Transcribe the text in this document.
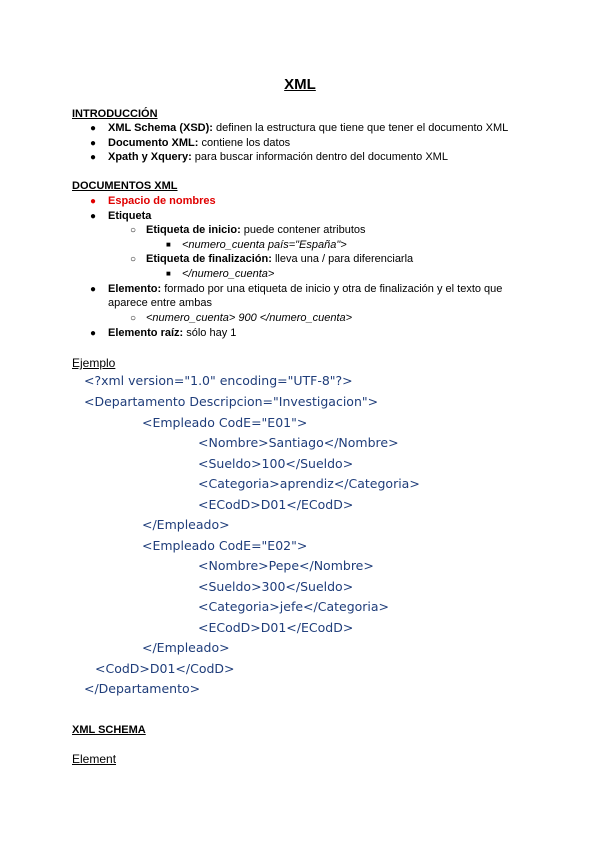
XML
INTRODUCCIÓN
● XML Schema (XSD): definen la estructura que tiene que tener el documento XML
● Documento XML: contiene los datos
● Xpath y Xquery: para buscar información dentro del documento XML
DOCUMENTOS XML
● Espacio de nombres
● Etiqueta
○ Etiqueta de inicio: puede contener atributos
■ <numero_cuenta país="España">
○ Etiqueta de finalización: lleva una / para diferenciarla
■ </numero_cuenta>
● Elemento: formado por una etiqueta de inicio y otra de finalización y el texto que
aparece entre ambas
○ <numero_cuenta> 900 </numero_cuenta>
● Elemento raíz: sólo hay 1
Ejemplo
<?xml version="1.0" encoding="UTF-8"?>
<Departamento Descripcion="Investigacion">
<Empleado CodE="E01">
<Nombre>Santiago</Nombre>
<Sueldo>100</Sueldo>
<Categoria>aprendiz</Categoria>
<ECodD>D01</ECodD>
</Empleado>
<Empleado CodE="E02">
<Nombre>Pepe</Nombre>
<Sueldo>300</Sueldo>
<Categoria>jefe</Categoria>
<ECodD>D01</ECodD>
</Empleado>
<CodD>D01</CodD>
</Departamento>
XML SCHEMA
Element
